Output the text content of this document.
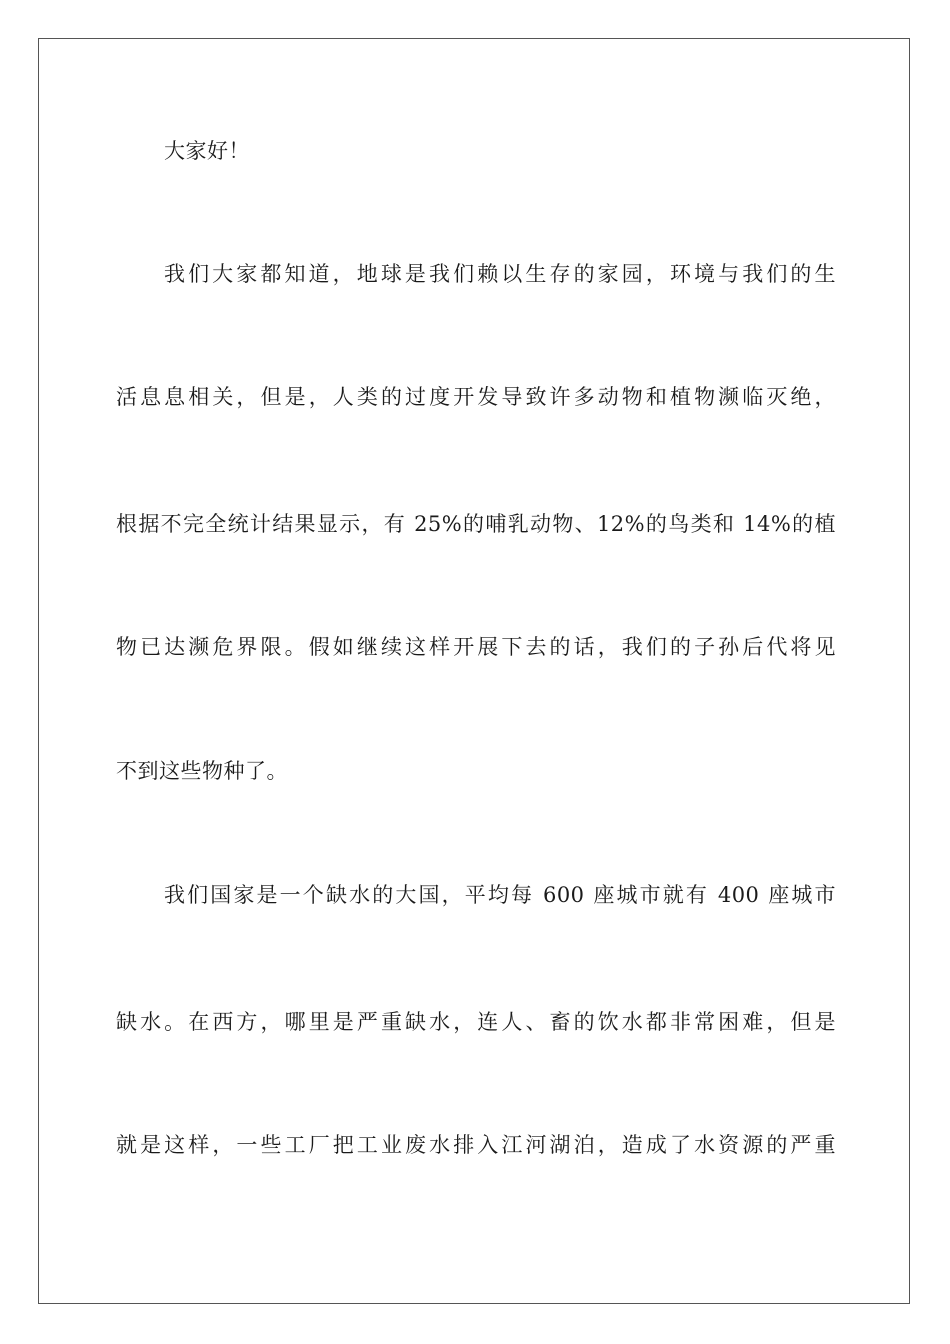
大家好！
我们大家都知道，地球是我们赖以生存的家园，环境与我们的生
活息息相关，但是，人类的过度开发导致许多动物和植物濒临灭绝，
根据不完全统计结果显示，有 25%的哺乳动物、12%的鸟类和 14%的植
物已达濒危界限。假如继续这样开展下去的话，我们的子孙后代将见
不到这些物种了。
我们国家是一个缺水的大国，平均每 600 座城市就有 400 座城市
缺水。在西方，哪里是严重缺水，连人、畜的饮水都非常困难，但是
就是这样，一些工厂把工业废水排入江河湖泊，造成了水资源的严重
